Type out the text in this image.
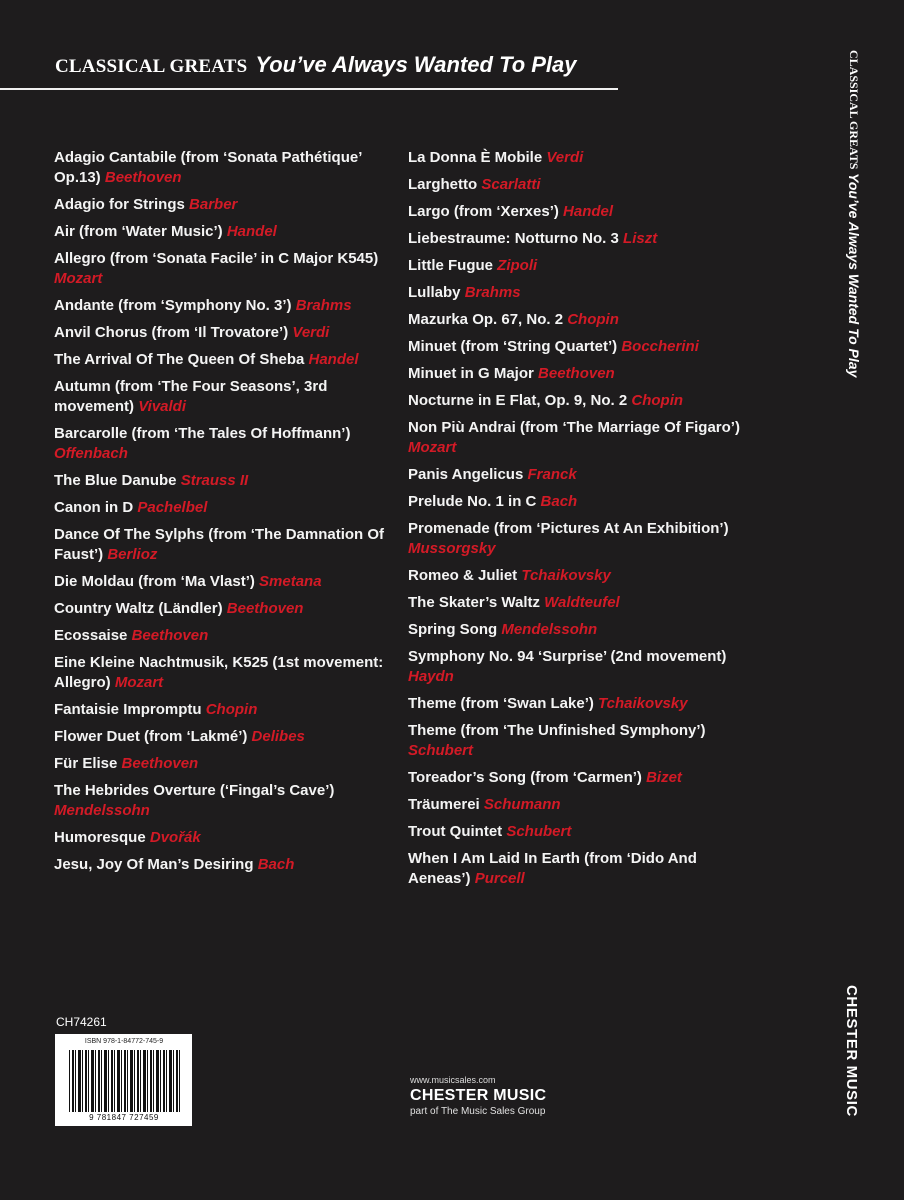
CLASSICAL GREATS You’ve Always Wanted To Play	CLASSICAL GREATS
You’ve Always Wanted To Play
CHESTER MUSIC
Adagio Cantabile (from ‘Sonata Pathétique’ Op.13) Beethoven
Adagio for Strings Barber
Air (from ‘Water Music’) Handel
Allegro (from ‘Sonata Facile’ in C Major K545) Mozart
Andante (from ‘Symphony No. 3’) Brahms
Anvil Chorus (from ‘Il Trovatore’) Verdi
The Arrival Of The Queen Of Sheba Handel
Autumn (from ‘The Four Seasons’, 3rd movement) Vivaldi
Barcarolle (from ‘The Tales Of Hoffmann’) Offenbach
The Blue Danube Strauss II
Canon in D Pachelbel
Dance Of The Sylphs (from ‘The Damnation Of Faust’) Berlioz
Die Moldau (from ‘Ma Vlast’) Smetana
Country Waltz (Ländler) Beethoven
Ecossaise Beethoven
Eine Kleine Nachtmusik, K525 (1st movement: Allegro) Mozart
Fantaisie Impromptu Chopin
Flower Duet (from ‘Lakmé’) Delibes
Für Elise Beethoven
The Hebrides Overture (‘Fingal’s Cave’) Mendelssohn
Humoresque Dvořák
Jesu, Joy Of Man’s Desiring Bach
La Donna È Mobile Verdi
Larghetto Scarlatti
Largo (from ‘Xerxes’) Handel
Liebestraume: Notturno No. 3 Liszt
Little Fugue Zipoli
Lullaby Brahms
Mazurka Op. 67, No. 2 Chopin
Minuet (from ‘String Quartet’) Boccherini
Minuet in G Major Beethoven
Nocturne in E Flat, Op. 9, No. 2 Chopin
Non Più Andrai (from ‘The Marriage Of Figaro’) Mozart
Panis Angelicus Franck
Prelude No. 1 in C Bach
Promenade (from ‘Pictures At An Exhibition’) Mussorgsky
Romeo & Juliet Tchaikovsky
The Skater’s Waltz Waldteufel
Spring Song Mendelssohn
Symphony No. 94 ‘Surprise’ (2nd movement) Haydn
Theme (from ‘Swan Lake’) Tchaikovsky
Theme (from ‘The Unfinished Symphony’) Schubert
Toreador’s Song (from ‘Carmen’) Bizet
Träumerei Schumann
Trout Quintet Schubert
When I Am Laid In Earth (from ‘Dido And Aeneas’) Purcell
CH74261
ISBN 978-1-84772-745-9
9 781847 727459
www.musicsales.com
CHESTER MUSIC
part of The Music Sales Group
